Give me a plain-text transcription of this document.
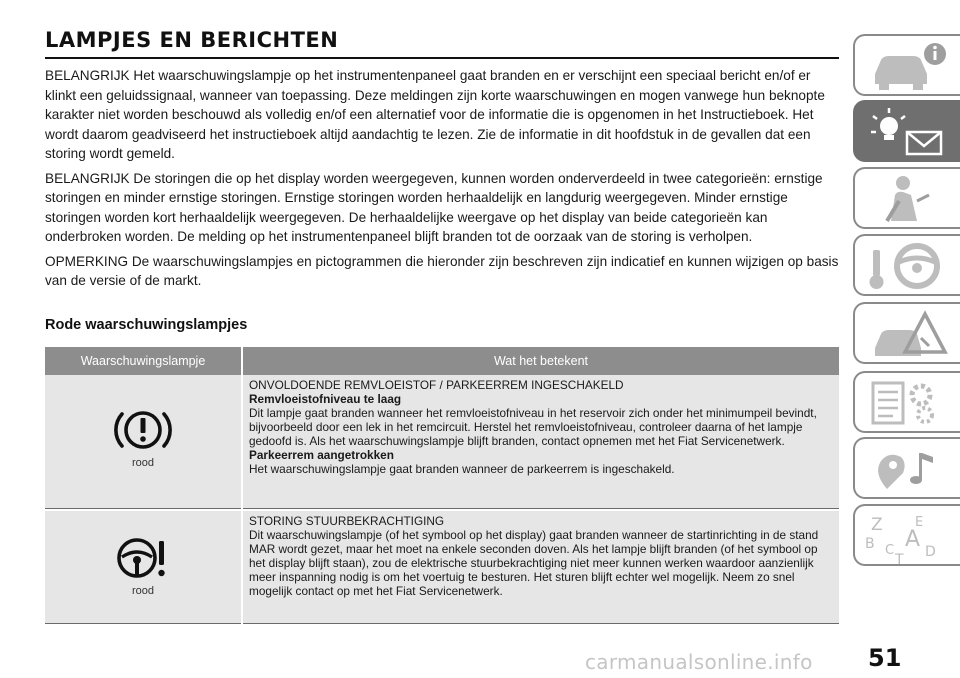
LAMPJES EN BERICHTEN

BELANGRIJK Het waarschuwingslampje op het instrumentenpaneel gaat branden en er verschijnt een speciaal bericht en/of er klinkt een geluidssignaal, wanneer van toepassing. Deze meldingen zijn korte waarschuwingen en mogen vanwege hun beknopte karakter niet worden beschouwd als volledig en/of een alternatief voor de informatie die is opgenomen in het Instructieboek. Het wordt daarom geadviseerd het instructieboek altijd aandachtig te lezen. Zie de informatie in dit hoofdstuk in de gevallen dat een storing wordt gemeld.

BELANGRIJK De storingen die op het display worden weergegeven, kunnen worden onderverdeeld in twee categorieën: ernstige storingen en minder ernstige storingen. Ernstige storingen worden herhaaldelijk en langdurig weergegeven. Minder ernstige storingen worden kort herhaaldelijk weergegeven. De herhaaldelijke weergave op het display van beide categorieën kan onderbroken worden. De melding op het instrumentenpaneel blijft branden tot de oorzaak van de storing is verholpen.

OPMERKING De waarschuwingslampjes en pictogrammen die hieronder zijn beschreven zijn indicatief en kunnen wijzigen op basis van de versie of de markt.

Rode waarschuwingslampjes
Waarschuwingslampje	Wat het betekent

rood	ONVOLDOENDE REMVLOEISTOF / PARKEERREM INGESCHAKELD
Remvloeistofniveau te laag
Dit lampje gaat branden wanneer het remvloeistofniveau in het reservoir zich onder het minimumpeil bevindt, bijvoorbeeld door een lek in het remcircuit. Herstel het remvloeistofniveau, controleer daarna of het lampje gedoofd is. Als het waarschuwingslampje blijft branden, contact opnemen met het Fiat Servicenetwerk.
Parkeerrem aangetrokken
Het waarschuwingslampje gaat branden wanneer de parkeerrem is ingeschakeld.

rood	STORING STUURBEKRACHTIGING
Dit waarschuwingslampje (of het symbool op het display) gaat branden wanneer de startinrichting in de stand MAR wordt gezet, maar het moet na enkele seconden doven. Als het lampje blijft branden (of het symbool op het display blijft staan), zou de elektrische stuurbekrachtiging niet meer kunnen werken waardoor aanzienlijk meer inspanning nodig is om het voertuig te besturen. Het sturen blijft echter wel mogelijk. Neem zo snel mogelijk contact op met het Fiat Servicenetwerk.
Z E
B A
C D
T
carmanualsonline.info 51
